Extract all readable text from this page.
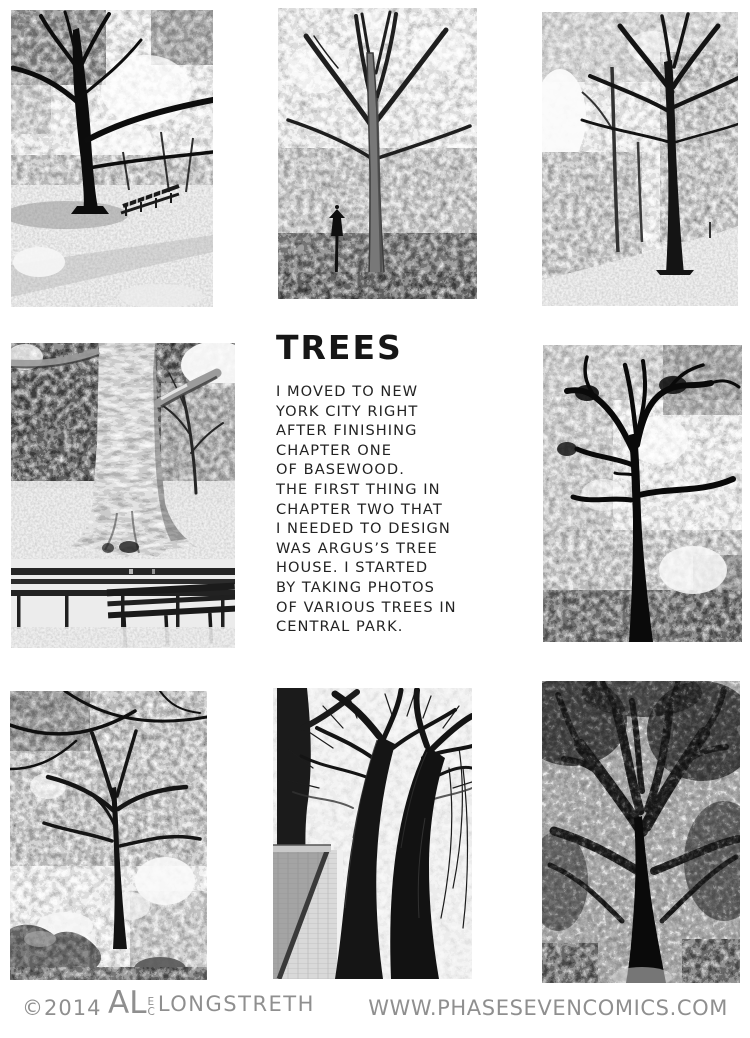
TREES
I MOVED TO NEW
YORK CITY RIGHT
AFTER FINISHING
CHAPTER ONE
OF BASEWOOD.
THE FIRST THING IN
CHAPTER TWO THAT
I NEEDED TO DESIGN
WAS ARGUS’S TREE
HOUSE. I STARTED
BY TAKING PHOTOS
OF VARIOUS TREES IN
CENTRAL PARK.
©2014 AL E
C LONGSTRETH	WWW.PHASESEVENCOMICS.COM
